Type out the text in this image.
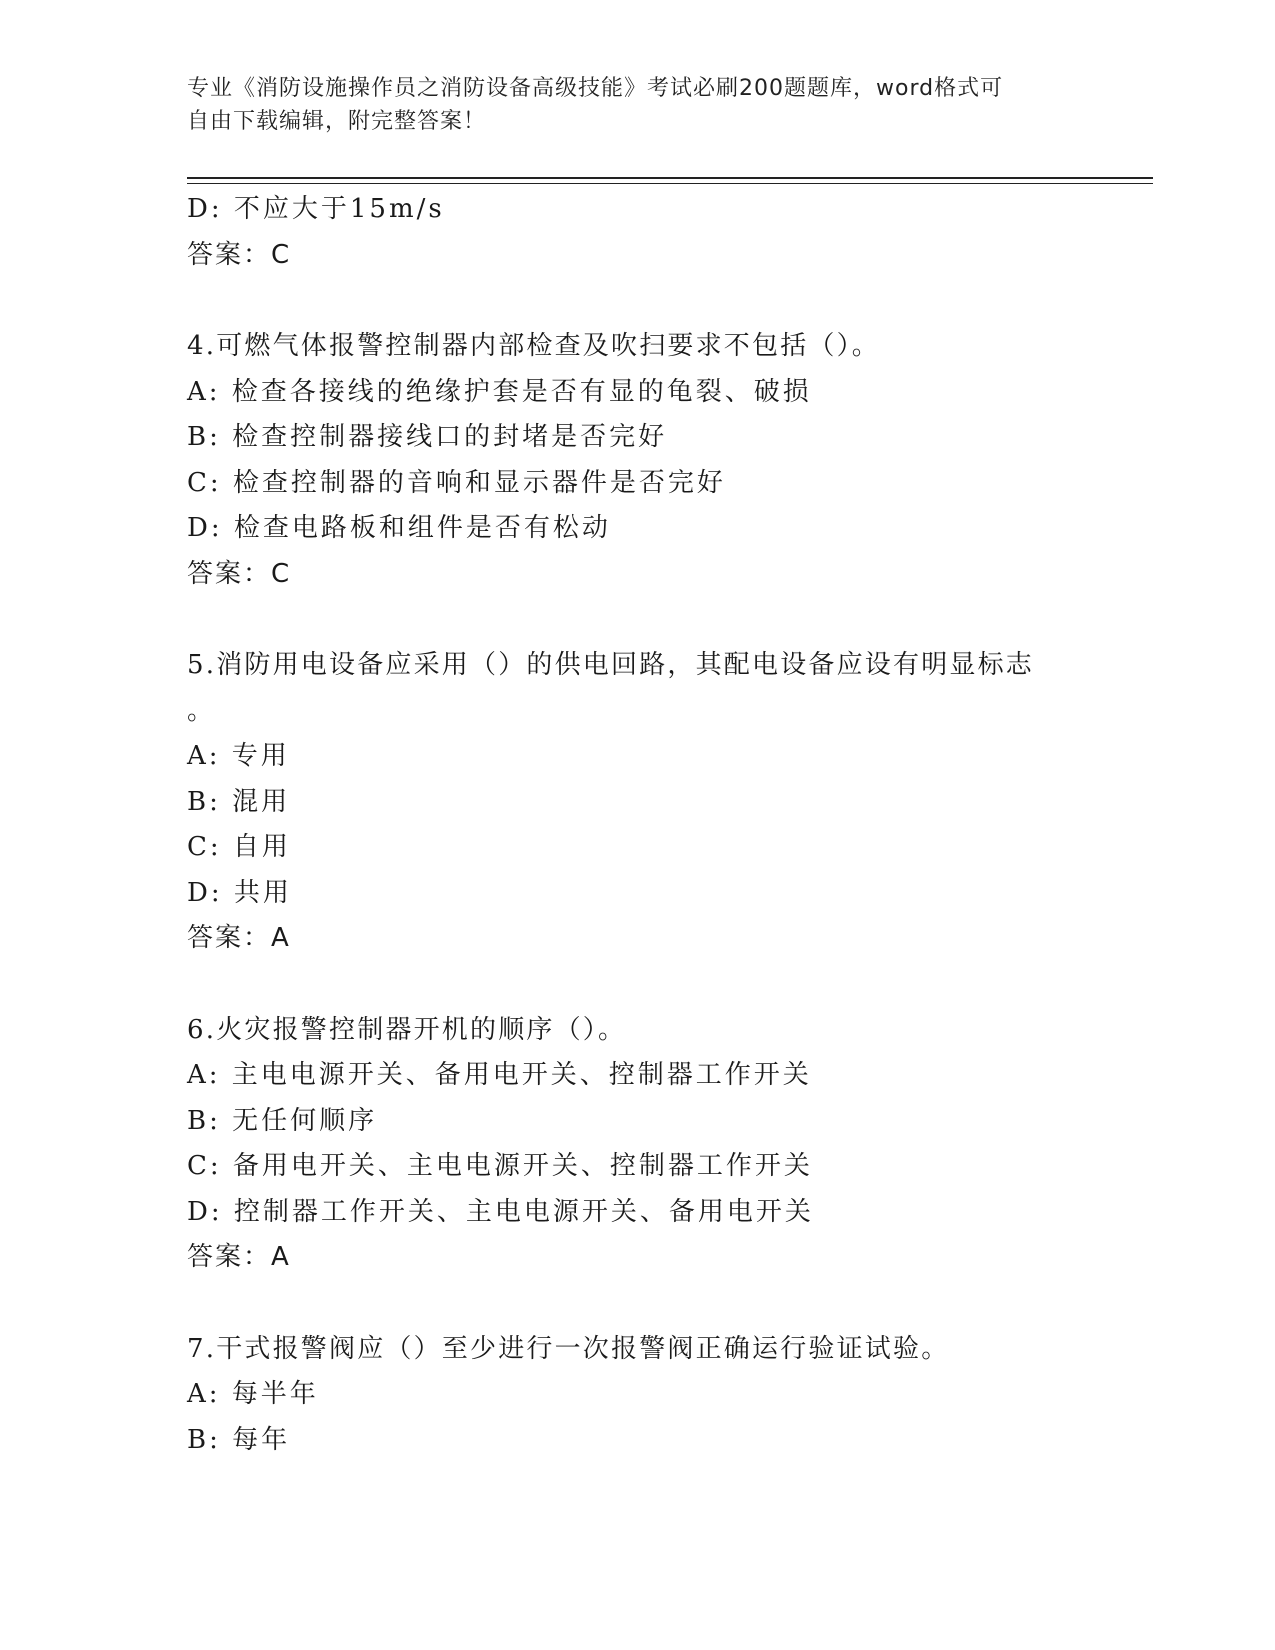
专业《消防设施操作员之消防设备高级技能》考试必刷200题题库，word格式可
自由下载编辑，附完整答案！
D: 不应大于15m/s
答案：C
4.可燃气体报警控制器内部检查及吹扫要求不包括（）。
A: 检查各接线的绝缘护套是否有显的龟裂、破损
B: 检查控制器接线口的封堵是否完好
C: 检查控制器的音响和显示器件是否完好
D: 检查电路板和组件是否有松动
答案：C
5.消防用电设备应采用（）的供电回路，其配电设备应设有明显标志
。
A: 专用
B: 混用
C: 自用
D: 共用
答案：A
6.火灾报警控制器开机的顺序（）。
A: 主电电源开关、备用电开关、控制器工作开关
B: 无任何顺序
C: 备用电开关、主电电源开关、控制器工作开关
D: 控制器工作开关、主电电源开关、备用电开关
答案：A
7.干式报警阀应（）至少进行一次报警阀正确运行验证试验。
A: 每半年
B: 每年
